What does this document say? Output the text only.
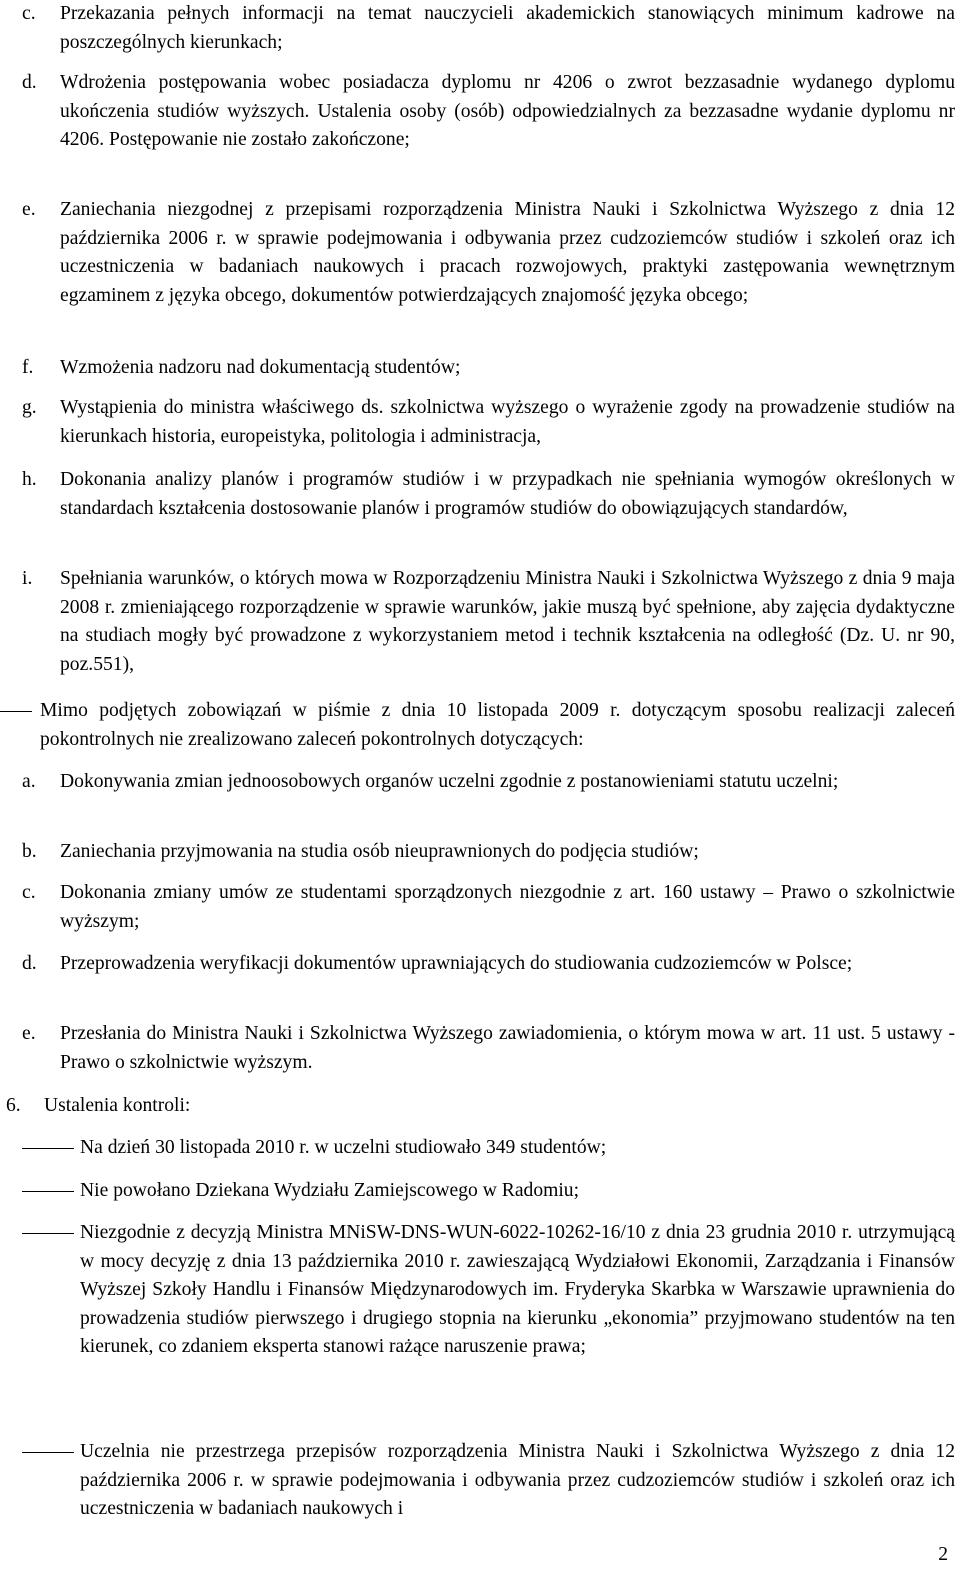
c.	Przekazania pełnych informacji na temat nauczycieli akademickich stanowiących minimum kadrowe na poszczególnych kierunkach;
d.	Wdrożenia postępowania wobec posiadacza dyplomu nr 4206 o zwrot bezzasadnie wydanego dyplomu ukończenia studiów wyższych. Ustalenia osoby (osób) odpowiedzialnych za bezzasadne wydanie dyplomu nr 4206. Postępowanie nie zostało zakończone;
e.	Zaniechania niezgodnej z przepisami rozporządzenia Ministra Nauki i Szkolnictwa Wyższego z dnia 12 października 2006 r. w sprawie podejmowania i odbywania przez cudzoziemców studiów i szkoleń oraz ich uczestniczenia w badaniach naukowych i pracach rozwojowych, praktyki zastępowania wewnętrznym egzaminem z języka obcego, dokumentów potwierdzających znajomość języka obcego;
f.	Wzmożenia nadzoru nad dokumentacją studentów;
g.	Wystąpienia do ministra właściwego ds. szkolnictwa wyższego o wyrażenie zgody na prowadzenie studiów na kierunkach historia, europeistyka, politologia i administracja,
h.	Dokonania analizy planów i programów studiów i w przypadkach nie spełniania wymogów określonych w standardach kształcenia dostosowanie planów i programów studiów do obowiązujących standardów,
i.	Spełniania warunków, o których mowa w Rozporządzeniu Ministra Nauki i Szkolnictwa Wyższego z dnia 9 maja 2008 r. zmieniającego rozporządzenie w sprawie warunków, jakie muszą być spełnione, aby zajęcia dydaktyczne na studiach mogły być prowadzone z wykorzystaniem metod i technik kształcenia na odległość (Dz. U. nr 90, poz.551),
Mimo podjętych zobowiązań w piśmie z dnia 10 listopada 2009 r. dotyczącym sposobu realizacji zaleceń pokontrolnych nie zrealizowano zaleceń pokontrolnych dotyczących:
a.	Dokonywania zmian jednoosobowych organów uczelni zgodnie z postanowieniami statutu uczelni;
b.	Zaniechania przyjmowania na studia osób nieuprawnionych do podjęcia studiów;
c.	Dokonania zmiany umów ze studentami sporządzonych niezgodnie z art. 160 ustawy – Prawo o szkolnictwie wyższym;
d.	Przeprowadzenia weryfikacji dokumentów uprawniających do studiowania cudzoziemców w Polsce;
e.	Przesłania do Ministra Nauki i Szkolnictwa Wyższego zawiadomienia, o którym mowa w art. 11 ust. 5 ustawy - Prawo o szkolnictwie wyższym.
6.	Ustalenia kontroli:
Na dzień 30 listopada 2010 r. w uczelni studiowało 349 studentów;
Nie powołano Dziekana Wydziału Zamiejscowego w Radomiu;
Niezgodnie z decyzją Ministra MNiSW-DNS-WUN-6022-10262-16/10 z dnia 23 grudnia 2010 r. utrzymującą w mocy decyzję z dnia 13 października 2010 r. zawieszającą Wydziałowi Ekonomii, Zarządzania i Finansów Wyższej Szkoły Handlu i Finansów Międzynarodowych im. Fryderyka Skarbka w Warszawie uprawnienia do prowadzenia studiów pierwszego i drugiego stopnia na kierunku „ekonomia” przyjmowano studentów na ten kierunek, co zdaniem eksperta stanowi rażące naruszenie prawa;
Uczelnia nie przestrzega przepisów rozporządzenia Ministra Nauki i Szkolnictwa Wyższego z dnia 12 października 2006 r. w sprawie podejmowania i odbywania przez cudzoziemców studiów i szkoleń oraz ich uczestniczenia w badaniach naukowych i
2
